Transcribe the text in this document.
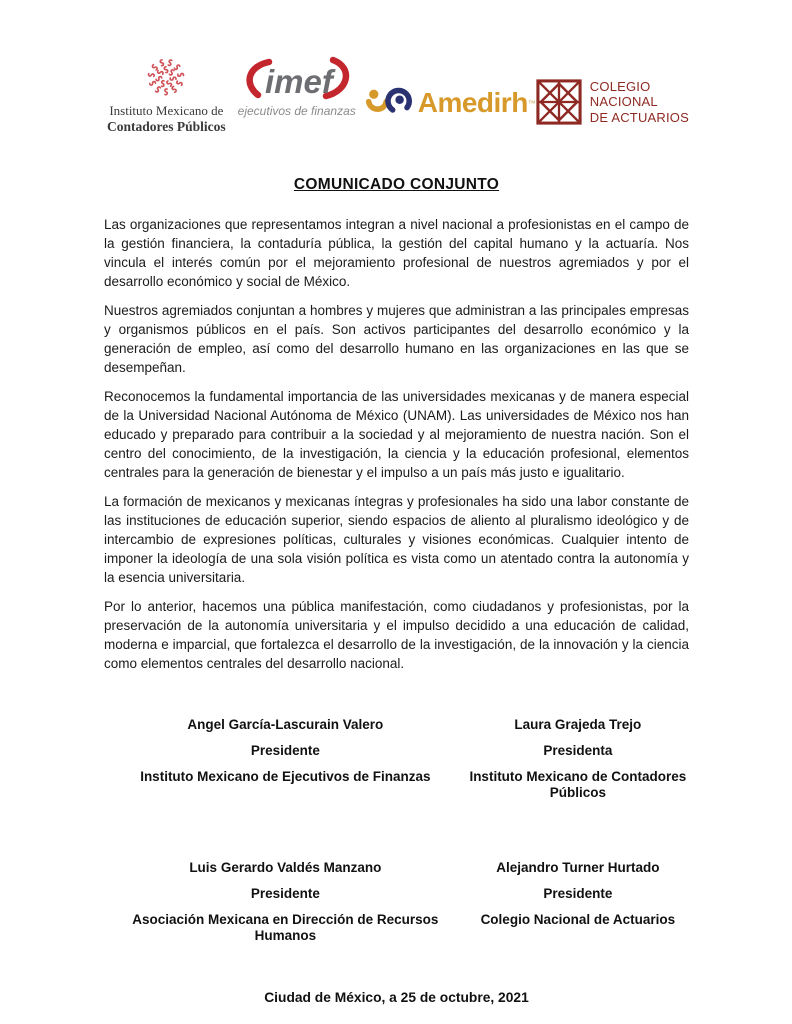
Instituto Mexicano de
Contadores Públicos
imef
ejecutivos de finanzas	Amedirh ™
COLEGIO
NACIONAL
DE ACTUARIOS
COMUNICADO CONJUNTO

Las organizaciones que representamos integran a nivel nacional a profesionistas en el campo de la gestión financiera, la contaduría pública, la gestión del capital humano y la actuaría. Nos vincula el interés común por el mejoramiento profesional de nuestros agremiados y por el desarrollo económico y social de México.

Nuestros agremiados conjuntan a hombres y mujeres que administran a las principales empresas y organismos públicos en el país. Son activos participantes del desarrollo económico y la generación de empleo, así como del desarrollo humano en las organizaciones en las que se desempeñan.

Reconocemos la fundamental importancia de las universidades mexicanas y de manera especial de la Universidad Nacional Autónoma de México (UNAM). Las universidades de México nos han educado y preparado para contribuir a la sociedad y al mejoramiento de nuestra nación. Son el centro del conocimiento, de la investigación, la ciencia y la educación profesional, elementos centrales para la generación de bienestar y el impulso a un país más justo e igualitario.

La formación de mexicanos y mexicanas íntegras y profesionales ha sido una labor constante de las instituciones de educación superior, siendo espacios de aliento al pluralismo ideológico y de intercambio de expresiones políticas, culturales y visiones económicas. Cualquier intento de imponer la ideología de una sola visión política es vista como un atentado contra la autonomía y la esencia universitaria.

Por lo anterior, hacemos una pública manifestación, como ciudadanos y profesionistas, por la preservación de la autonomía universitaria y el impulso decidido a una educación de calidad, moderna e imparcial, que fortalezca el desarrollo de la investigación, de la innovación y la ciencia como elementos centrales del desarrollo nacional.

Angel García-Lascurain Valero

Presidente

Instituto Mexicano de Ejecutivos de Finanzas

Laura Grajeda Trejo

Presidenta

Instituto Mexicano de Contadores Públicos

Luis Gerardo Valdés Manzano

Presidente

Asociación Mexicana en Dirección de Recursos Humanos

Alejandro Turner Hurtado

Presidente

Colegio Nacional de Actuarios

Ciudad de México, a 25 de octubre, 2021
